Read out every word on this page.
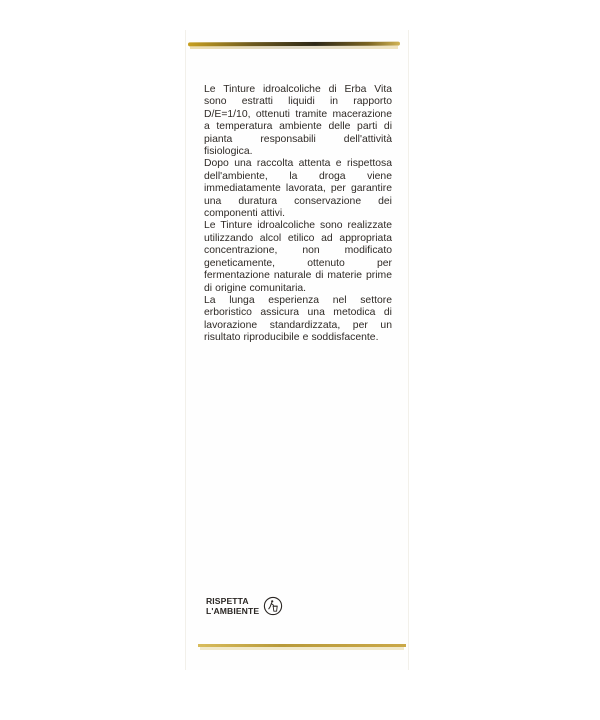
Le Tinture idroalcoliche di Erba Vita sono estratti liquidi in rapporto D/E=1/10, ottenuti tramite macerazione a temperatura ambiente delle parti di pianta responsabili dell'attività fisiologica.

Dopo una raccolta attenta e rispettosa dell'ambiente, la droga viene immediatamente lavorata, per garantire una duratura conservazione dei componenti attivi.

Le Tinture idroalcoliche sono realizzate utilizzando alcol etilico ad appropriata concentrazione, non modificato geneticamente, ottenuto per fermentazione naturale di materie prime di origine comunitaria.

La lunga esperienza nel settore erboristico assicura una metodica di lavorazione standardizzata, per un risultato riproducibile e soddisfacente.

RISPETTA
L'AMBIENTE
